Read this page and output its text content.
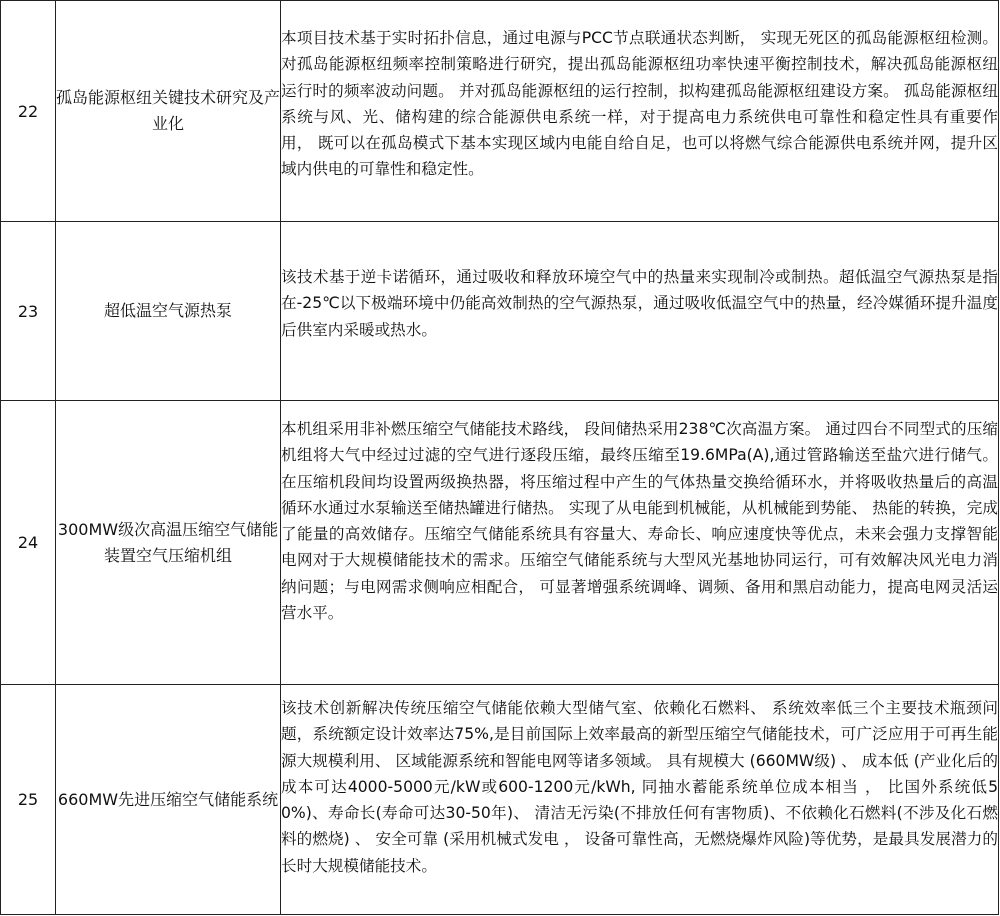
22	孤岛能源枢纽关键技术研究及产业化	本项目技术基于实时拓扑信息，通过电源与PCC节点联通状态判断， 实现无死区的孤岛能源枢纽检测。 对孤岛能源枢纽频率控制策略进行研究，提出孤岛能源枢纽功率快速平衡控制技术，解决孤岛能源枢纽运行时的频率波动问题。 并对孤岛能源枢纽的运行控制，拟构建孤岛能源枢纽建设方案。 孤岛能源枢纽系统与风、光、储构建的综合能源供电系统一样，对于提高电力系统供电可靠性和稳定性具有重要作用， 既可以在孤岛模式下基本实现区域内电能自给自足，也可以将燃气综合能源供电系统并网，提升区域内供电的可靠性和稳定性。
23	超低温空气源热泵	该技术基于逆卡诺循环，通过吸收和释放环境空气中的热量来实现制冷或制热。超低温空气源热泵是指在-25℃以下极端环境中仍能高效制热的空气源热泵，通过吸收低温空气中的热量，经冷媒循环提升温度后供室内采暖或热水。
24	300MW级次高温压缩空气储能装置空气压缩机组	本机组采用非补燃压缩空气储能技术路线， 段间储热采用238℃次高温方案。 通过四台不同型式的压缩机组将大气中经过过滤的空气进行逐段压缩，最终压缩至19.6MPa(A),通过管路输送至盐穴进行储气。 在压缩机段间均设置两级换热器，将压缩过程中产生的气体热量交换给循环水，并将吸收热量后的高温循环水通过水泵输送至储热罐进行储热。 实现了从电能到机械能，从机械能到势能、 热能的转换，完成了能量的高效储存。压缩空气储能系统具有容量大、寿命长、响应速度快等优点，未来会强力支撑智能电网对于大规模储能技术的需求。压缩空气储能系统与大型风光基地协同运行，可有效解决风光电力消纳问题；与电网需求侧响应相配合， 可显著增强系统调峰、调频、备用和黑启动能力，提高电网灵活运营水平。
25	660MW先进压缩空气储能系统	该技术创新解决传统压缩空气储能依赖大型储气室、依赖化石燃料、 系统效率低三个主要技术瓶颈问题，系统额定设计效率达75%,是目前国际上效率最高的新型压缩空气储能技术，可广泛应用于可再生能源大规模利用、 区域能源系统和智能电网等诸多领域。 具有规模大 (660MW级) 、 成本低 (产业化后的成本可达4000-5000元/kW或600-1200元/kWh, 同抽水蓄能系统单位成本相当 ， 比国外系统低50%)、寿命长(寿命可达30-50年)、 清洁无污染(不排放任何有害物质)、不依赖化石燃料(不涉及化石燃料的燃烧) 、 安全可靠 (采用机械式发电 ， 设备可靠性高，无燃烧爆炸风险)等优势，是最具发展潜力的长时大规模储能技术。
